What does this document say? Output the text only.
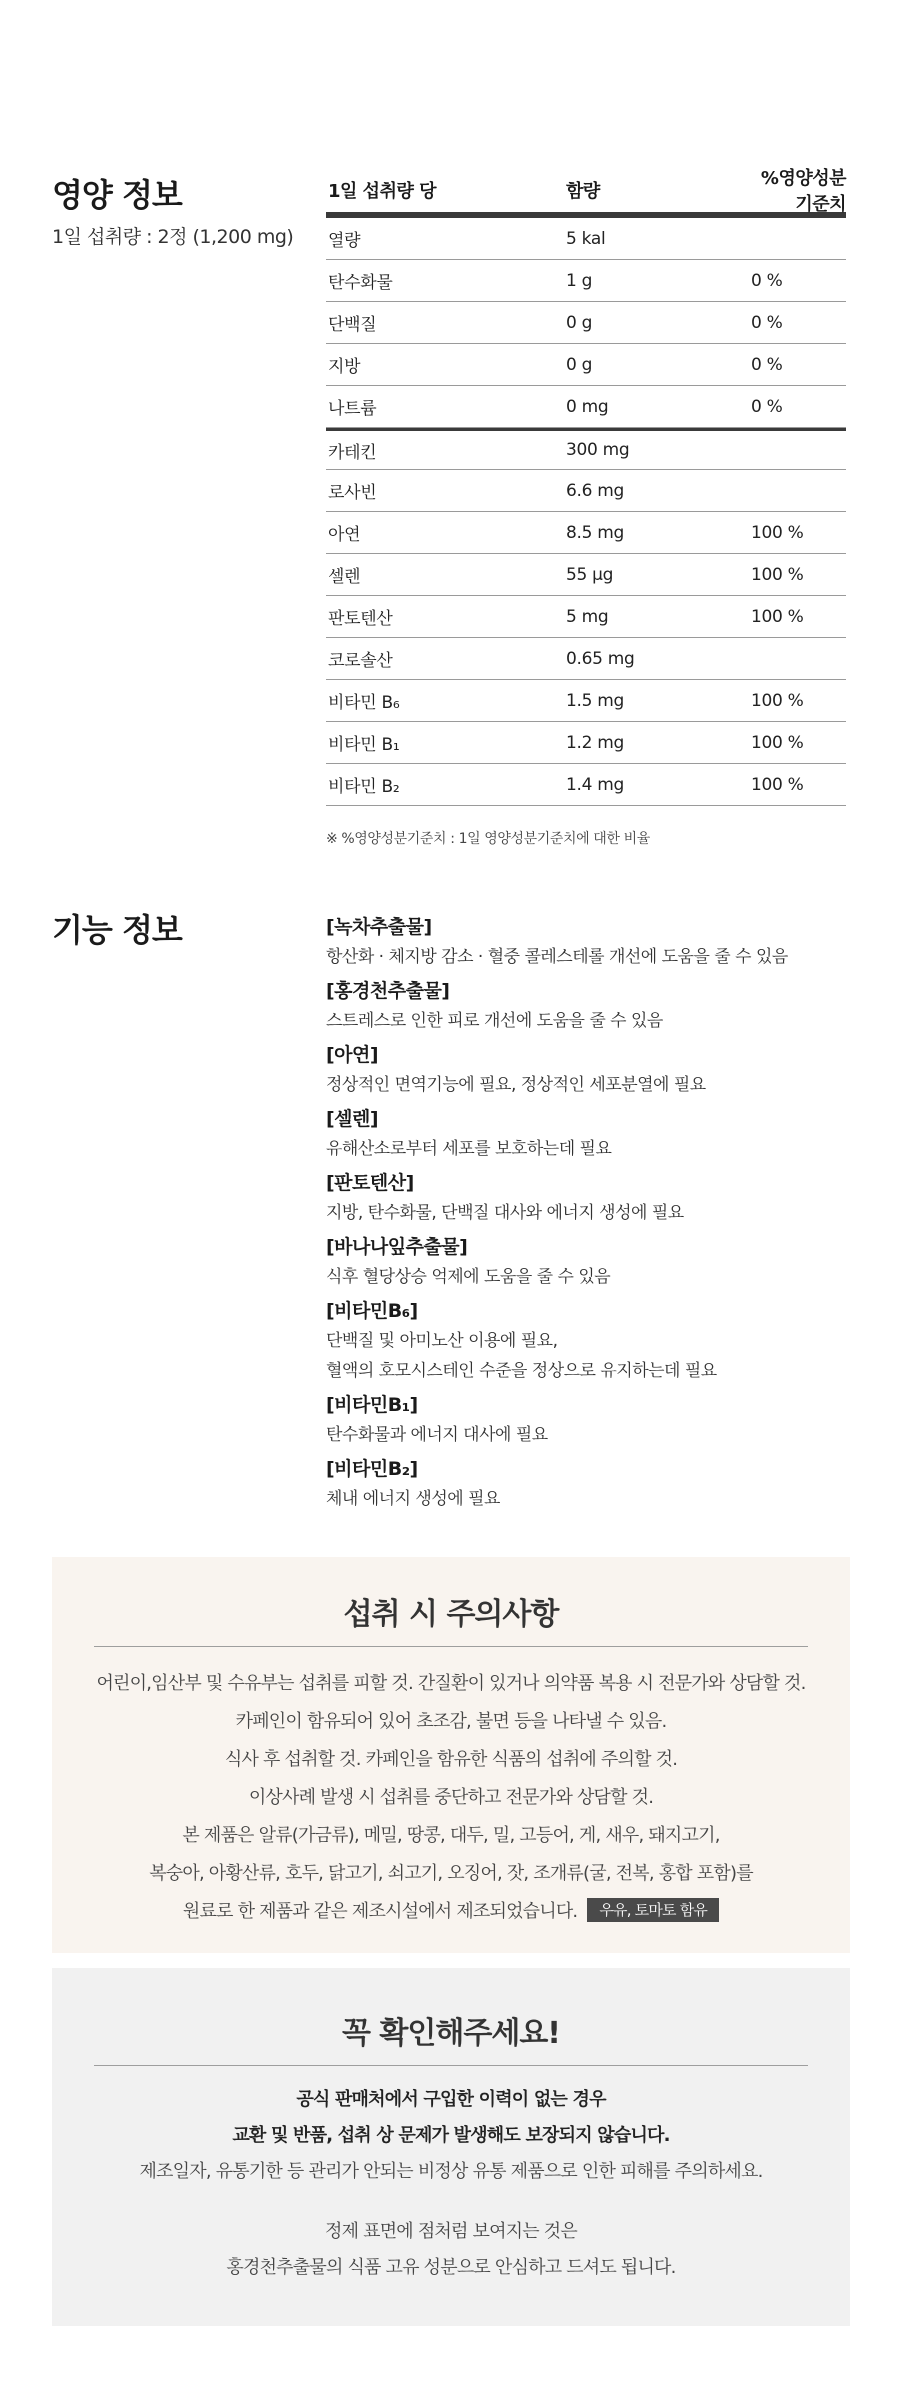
영양 정보
1일 섭취량 : 2정 (1,200 mg)
1일 섭취량 당	함량
%영양성분기준치
열량	5 kal
탄수화물	1 g	0 %
단백질	0 g	0 %
지방	0 g	0 %
나트륨	0 mg	0 %
카테킨	300 mg
로사빈	6.6 mg
아연	8.5 mg	100 %
셀렌	55 μg	100 %
판토텐산	5 mg	100 %
코로솔산	0.65 mg
비타민 B₆	1.5 mg	100 %
비타민 B₁	1.2 mg	100 %
비타민 B₂	1.4 mg	100 %
※ %영양성분기준치 : 1일 영양성분기준치에 대한 비율
기능 정보	[녹차추출물]
항산화 · 체지방 감소 · 혈중 콜레스테롤 개선에 도움을 줄 수 있음
[홍경천추출물]
스트레스로 인한 피로 개선에 도움을 줄 수 있음
[아연]
정상적인 면역기능에 필요, 정상적인 세포분열에 필요
[셀렌]
유해산소로부터 세포를 보호하는데 필요
[판토텐산]
지방, 탄수화물, 단백질 대사와 에너지 생성에 필요
[바나나잎추출물]
식후 혈당상승 억제에 도움을 줄 수 있음
[비타민B₆]
단백질 및 아미노산 이용에 필요,
혈액의 호모시스테인 수준을 정상으로 유지하는데 필요
[비타민B₁]
탄수화물과 에너지 대사에 필요
[비타민B₂]
체내 에너지 생성에 필요
섭취 시 주의사항
어린이,임산부 및 수유부는 섭취를 피할 것. 간질환이 있거나 의약품 복용 시 전문가와 상담할 것.
카페인이 함유되어 있어 초조감, 불면 등을 나타낼 수 있음.
식사 후 섭취할 것. 카페인을 함유한 식품의 섭취에 주의할 것.
이상사례 발생 시 섭취를 중단하고 전문가와 상담할 것.
본 제품은 알류(가금류), 메밀, 땅콩, 대두, 밀, 고등어, 게, 새우, 돼지고기,
복숭아, 아황산류, 호두, 닭고기, 쇠고기, 오징어, 잣, 조개류(굴, 전복, 홍합 포함)를
원료로 한 제품과 같은 제조시설에서 제조되었습니다. 우유, 토마토 함유
꼭 확인해주세요!
공식 판매처에서 구입한 이력이 없는 경우
교환 및 반품, 섭취 상 문제가 발생해도 보장되지 않습니다.
제조일자, 유통기한 등 관리가 안되는 비정상 유통 제품으로 인한 피해를 주의하세요.
정제 표면에 점처럼 보여지는 것은
홍경천추출물의 식품 고유 성분으로 안심하고 드셔도 됩니다.
